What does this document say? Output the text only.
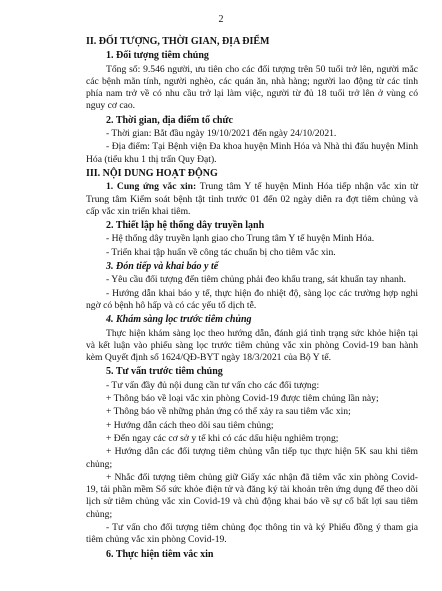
2
II. ĐỐI TƯỢNG, THỜI GIAN, ĐỊA ĐIỂM
1. Đối tượng tiêm chủng
Tổng số: 9.546 người, ưu tiên cho các đối tượng trên 50 tuổi trở lên, người mắc các bệnh mãn tính, người nghèo, các quán ăn, nhà hàng; người lao động từ các tỉnh phía nam trở về có nhu cầu trở lại làm việc, người từ đủ 18 tuổi trở lên ở vùng có nguy cơ cao.
2. Thời gian, địa điểm tổ chức
- Thời gian: Bắt đầu ngày 19/10/2021 đến ngày 24/10/2021.
- Địa điểm: Tại Bệnh viện Đa khoa huyện Minh Hóa và Nhà thi đấu huyện Minh Hóa (tiểu khu 1 thị trấn Quy Đạt).
III. NỘI DUNG HOẠT ĐỘNG
1. Cung ứng vắc xin: Trung tâm Y tế huyện Minh Hóa tiếp nhận vắc xin từ Trung tâm Kiểm soát bệnh tật tỉnh trước 01 đến 02 ngày diễn ra đợt tiêm chủng và cấp vắc xin triển khai tiêm.
2. Thiết lập hệ thống dây truyền lạnh
- Hệ thống dây truyền lạnh giao cho Trung tâm Y tế huyện Minh Hóa.
- Triển khai tập huấn về công tác chuẩn bị cho tiêm vắc xin.
3. Đón tiếp và khai báo y tế
- Yêu cầu đối tượng đến tiêm chủng phải đeo khẩu trang, sát khuẩn tay nhanh.
- Hướng dẫn khai báo y tế, thực hiện đo nhiệt độ, sàng lọc các trường hợp nghi ngờ có bệnh hô hấp và có các yếu tố dịch tễ.
4. Khám sàng lọc trước tiêm chủng
Thực hiện khám sàng lọc theo hướng dẫn, đánh giá tình trạng sức khỏe hiện tại và kết luận vào phiếu sàng lọc trước tiêm chủng vắc xin phòng Covid-19 ban hành kèm Quyết định số 1624/QĐ-BYT ngày 18/3/2021 của Bộ Y tế.
5. Tư vấn trước tiêm chủng
- Tư vấn đầy đủ nội dung cần tư vấn cho các đối tượng:
+ Thông báo về loại vắc xin phòng Covid-19 được tiêm chủng lần này;
+ Thông báo về những phản ứng có thể xảy ra sau tiêm vắc xin;
+ Hướng dẫn cách theo dõi sau tiêm chủng;
+ Đến ngay các cơ sở y tế khi có các dấu hiệu nghiêm trọng;
+ Hướng dẫn các đối tượng tiêm chủng vẫn tiếp tục thực hiện 5K sau khi tiêm chủng;
+ Nhắc đối tượng tiêm chủng giữ Giấy xác nhận đã tiêm vắc xin phòng Covid-19, tải phần mềm Sổ sức khỏe điện tử và đăng ký tài khoản trên ứng dụng để theo dõi lịch sử tiêm chủng vắc xin Covid-19 và chủ động khai báo về sự cố bất lợi sau tiêm chủng;
- Tư vấn cho đối tượng tiêm chủng đọc thông tin và ký Phiếu đồng ý tham gia tiêm chủng vắc xin phòng Covid-19.
6. Thực hiện tiêm vắc xin
